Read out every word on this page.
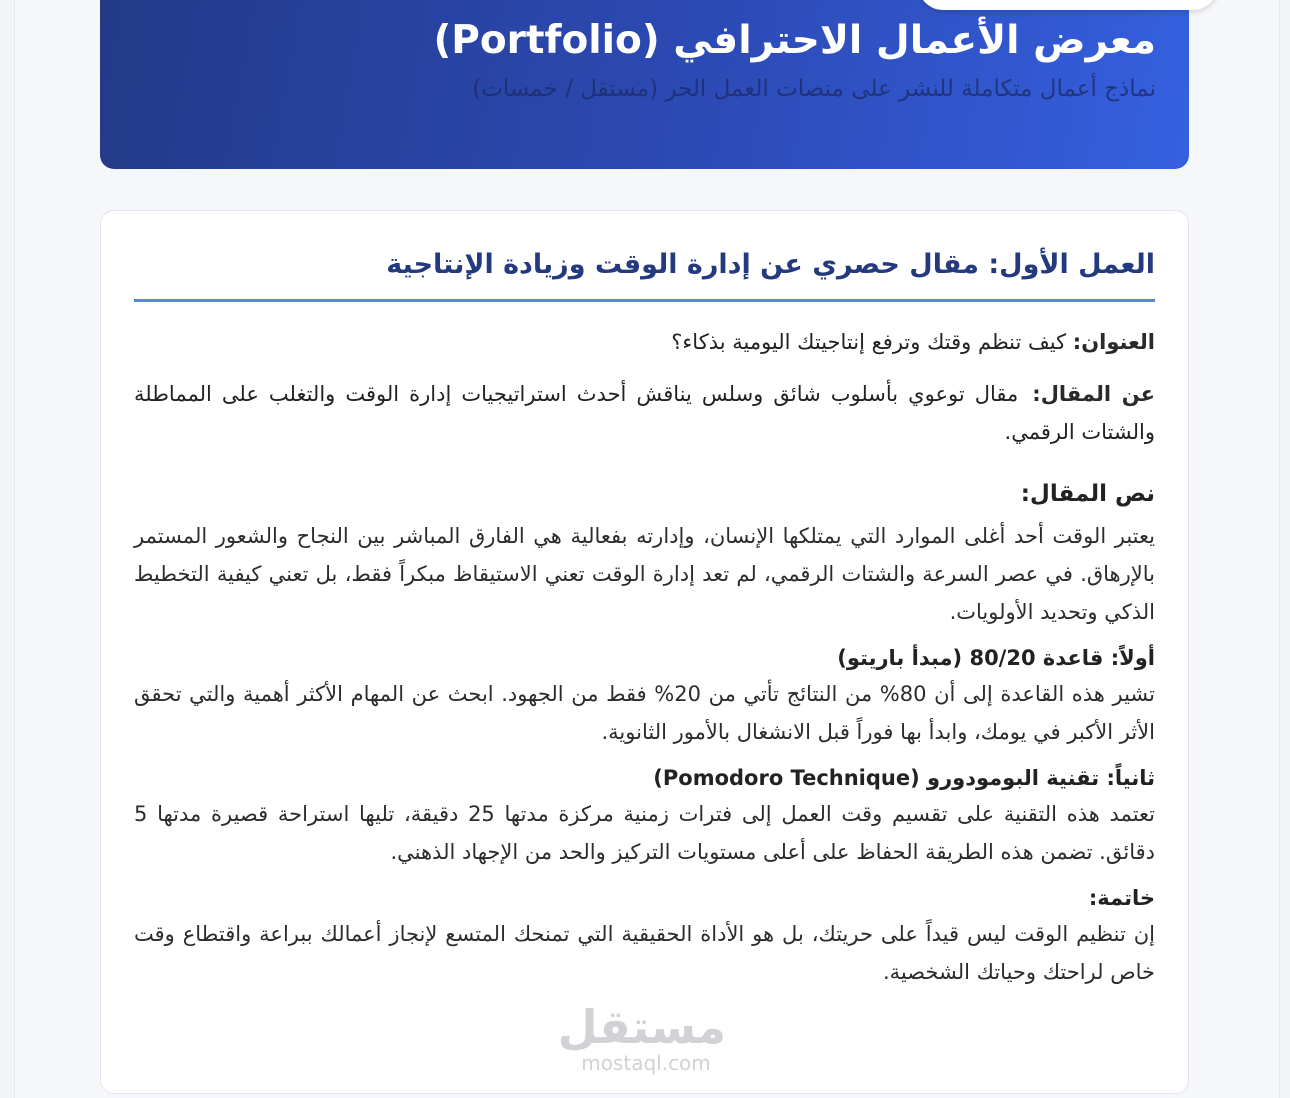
معرض الأعمال الاحترافي (Portfolio)
نماذج أعمال متكاملة للنشر على منصات العمل الحر (مستقل / خمسات)
العمل الأول: مقال حصري عن إدارة الوقت وزيادة الإنتاجية
العنوان: كيف تنظم وقتك وترفع إنتاجيتك اليومية بذكاء؟
عن المقال: مقال توعوي بأسلوب شائق وسلس يناقش أحدث استراتيجيات إدارة الوقت والتغلب على المماطلة والشتات الرقمي.
نص المقال:

يعتبر الوقت أحد أغلى الموارد التي يمتلكها الإنسان، وإدارته بفعالية هي الفارق المباشر بين النجاح والشعور المستمر بالإرهاق. في عصر السرعة والشتات الرقمي، لم تعد إدارة الوقت تعني الاستيقاظ مبكراً فقط، بل تعني كيفية التخطيط الذكي وتحديد الأولويات.

أولاً: قاعدة 80/20 (مبدأ باريتو)

تشير هذه القاعدة إلى أن 80% من النتائج تأتي من 20% فقط من الجهود. ابحث عن المهام الأكثر أهمية والتي تحقق الأثر الأكبر في يومك، وابدأ بها فوراً قبل الانشغال بالأمور الثانوية.

ثانياً: تقنية البومودورو (Pomodoro Technique)

تعتمد هذه التقنية على تقسيم وقت العمل إلى فترات زمنية مركزة مدتها 25 دقيقة، تليها استراحة قصيرة مدتها 5 دقائق. تضمن هذه الطريقة الحفاظ على أعلى مستويات التركيز والحد من الإجهاد الذهني.

خاتمة:

إن تنظيم الوقت ليس قيداً على حريتك، بل هو الأداة الحقيقية التي تمنحك المتسع لإنجاز أعمالك ببراعة واقتطاع وقت خاص لراحتك وحياتك الشخصية.

مستقل
mostaql.com
